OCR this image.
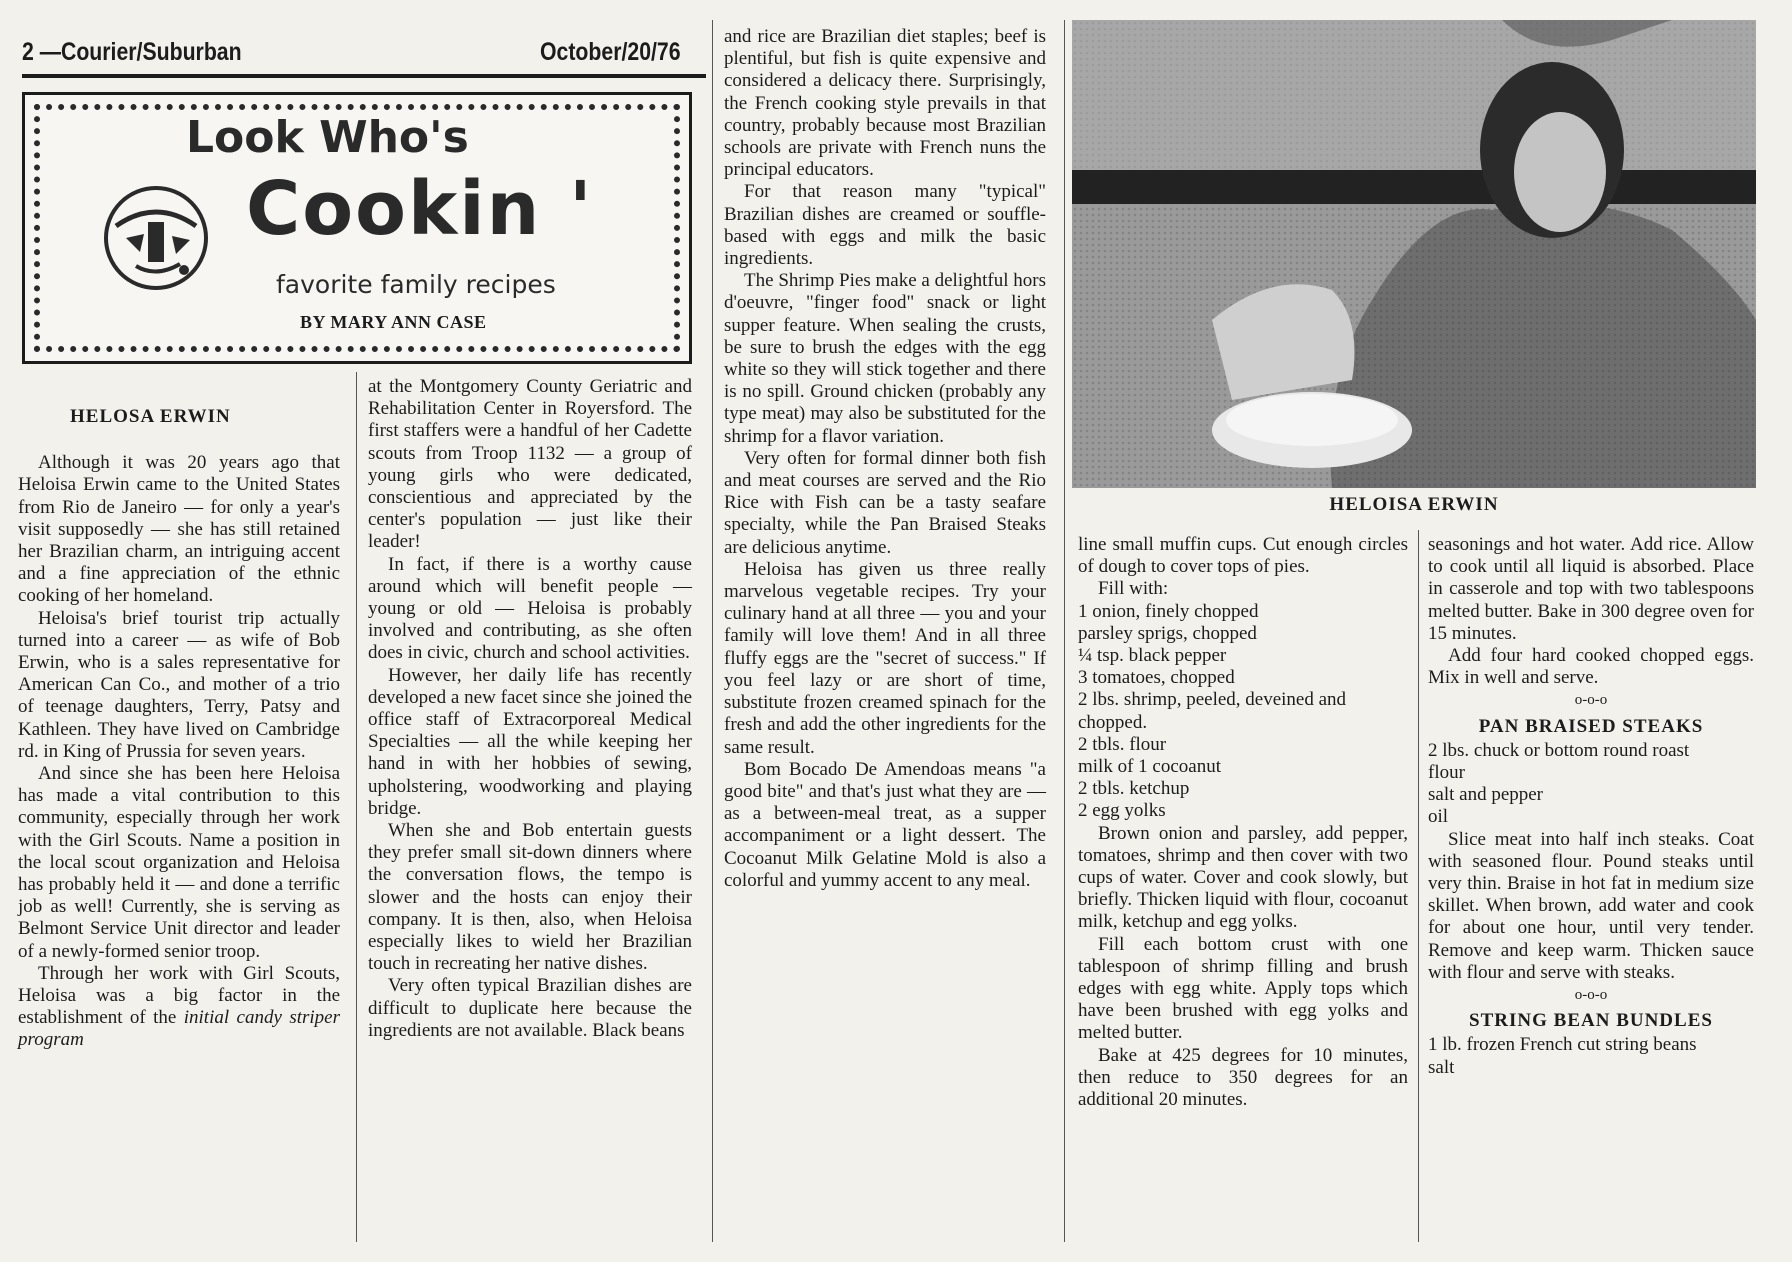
2 —Courier/Suburban	October/20/76
Look Who's
Cookin '
favorite family recipes
BY MARY ANN CASE

HELOSA ERWIN

Although it was 20 years ago that Heloisa Erwin came to the United States from Rio de Janeiro — for only a year's visit supposedly — she has still retained her Brazilian charm, an intriguing accent and a fine appreciation of the ethnic cooking of her homeland.

Heloisa's brief tourist trip actually turned into a career — as wife of Bob Erwin, who is a sales representative for American Can Co., and mother of a trio of teenage daughters, Terry, Patsy and Kathleen. They have lived on Cambridge rd. in King of Prussia for seven years.

And since she has been here Heloisa has made a vital contribution to this community, especially through her work with the Girl Scouts. Name a position in the local scout organization and Heloisa has probably held it — and done a terrific job as well! Currently, she is serving as Belmont Service Unit director and leader of a newly-formed senior troop.

Through her work with Girl Scouts, Heloisa was a big factor in the establishment of the initial candy striper program

at the Montgomery County Geriatric and Rehabilitation Center in Royersford. The first staffers were a handful of her Cadette scouts from Troop 1132 — a group of young girls who were dedicated, conscientious and appreciated by the center's population — just like their leader!

In fact, if there is a worthy cause around which will benefit people — young or old — Heloisa is probably involved and contributing, as she often does in civic, church and school activities.

However, her daily life has recently developed a new facet since she joined the office staff of Extracorporeal Medical Specialties — all the while keeping her hand in with her hobbies of sewing, upholstering, woodworking and playing bridge.

When she and Bob entertain guests they prefer small sit-down dinners where the conversation flows, the tempo is slower and the hosts can enjoy their company. It is then, also, when Heloisa especially likes to wield her Brazilian touch in recreating her native dishes.

Very often typical Brazilian dishes are difficult to duplicate here because the ingredients are not available. Black beans

and rice are Brazilian diet staples; beef is plentiful, but fish is quite expensive and considered a delicacy there. Surprisingly, the French cooking style prevails in that country, probably because most Brazilian schools are private with French nuns the principal educators.

For that reason many "typical" Brazilian dishes are creamed or souffle-based with eggs and milk the basic ingredients.

The Shrimp Pies make a delightful hors d'oeuvre, "finger food" snack or light supper feature. When sealing the crusts, be sure to brush the edges with the egg white so they will stick together and there is no spill. Ground chicken (probably any type meat) may also be substituted for the shrimp for a flavor variation.

Very often for formal dinner both fish and meat courses are served and the Rio Rice with Fish can be a tasty seafare specialty, while the Pan Braised Steaks are delicious anytime.

Heloisa has given us three really marvelous vegetable recipes. Try your culinary hand at all three — you and your family will love them! And in all three fluffy eggs are the "secret of success." If you feel lazy or are short of time, substitute frozen creamed spinach for the fresh and add the other ingredients for the same result.

Bom Bocado De Amendoas means "a good bite" and that's just what they are — as a between-meal treat, as a supper accompaniment or a light dessert. The Cocoanut Milk Gelatine Mold is also a colorful and yummy accent to any meal.

HELOISA ERWIN

line small muffin cups. Cut enough circles of dough to cover tops of pies.

Fill with:

1 onion, finely chopped

parsley sprigs, chopped

¼ tsp. black pepper

3 tomatoes, chopped

2 lbs. shrimp, peeled, deveined and chopped.

2 tbls. flour

milk of 1 cocoanut

2 tbls. ketchup

2 egg yolks

Brown onion and parsley, add pepper, tomatoes, shrimp and then cover with two cups of water. Cover and cook slowly, but briefly. Thicken liquid with flour, cocoanut milk, ketchup and egg yolks.

Fill each bottom crust with one tablespoon of shrimp filling and brush edges with egg white. Apply tops which have been brushed with egg yolks and melted butter.

Bake at 425 degrees for 10 minutes, then reduce to 350 degrees for an additional 20 minutes.

seasonings and hot water. Add rice. Allow to cook until all liquid is absorbed. Place in casserole and top with two tablespoons melted butter. Bake in 300 degree oven for 15 minutes.

Add four hard cooked chopped eggs. Mix in well and serve.

o-o-o

PAN BRAISED STEAKS

2 lbs. chuck or bottom round roast

flour

salt and pepper

oil

Slice meat into half inch steaks. Coat with seasoned flour. Pound steaks until very thin. Braise in hot fat in medium size skillet. When brown, add water and cook for about one hour, until very tender. Remove and keep warm. Thicken sauce with flour and serve with steaks.

o-o-o

STRING BEAN BUNDLES

1 lb. frozen French cut string beans

salt
